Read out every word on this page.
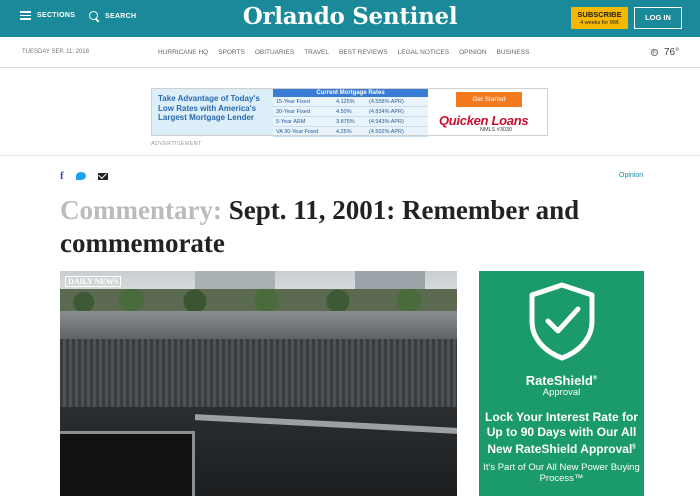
SECTIONS	SEARCH	Orlando Sentinel	SUBSCRIBE
4 weeks for 99¢
LOG IN
TUESDAY SEP. 11, 2018	HURRICANE HQ SPORTS OBITUARIES TRAVEL BEST REVIEWS LEGAL NOTICES OPINION BUSINESS
✶	76°
Take Advantage of Today's Low Rates with America's Largest Mortgage Lender
Current Mortgage Rates
15-Year Fixed	4.125%	(4.558% APR)
30-Year Fixed	4.50%	(4.834% APR)
5-Year ARM	3.875%	(4.943% APR)
VA 30-Year Fixed	4.25%	(4.502% APR)
Get Started
Quicken Loans
NMLS #3030
ADVERTISEMENT
f	Opinion
Commentary: Sept. 11, 2001: Remember and commemorate
DAILY NEWS
RateShield®
Approval
Lock Your Interest Rate for Up to 90 Days with Our All New RateShield Approval§
It's Part of Our All New Power Buying Process™
